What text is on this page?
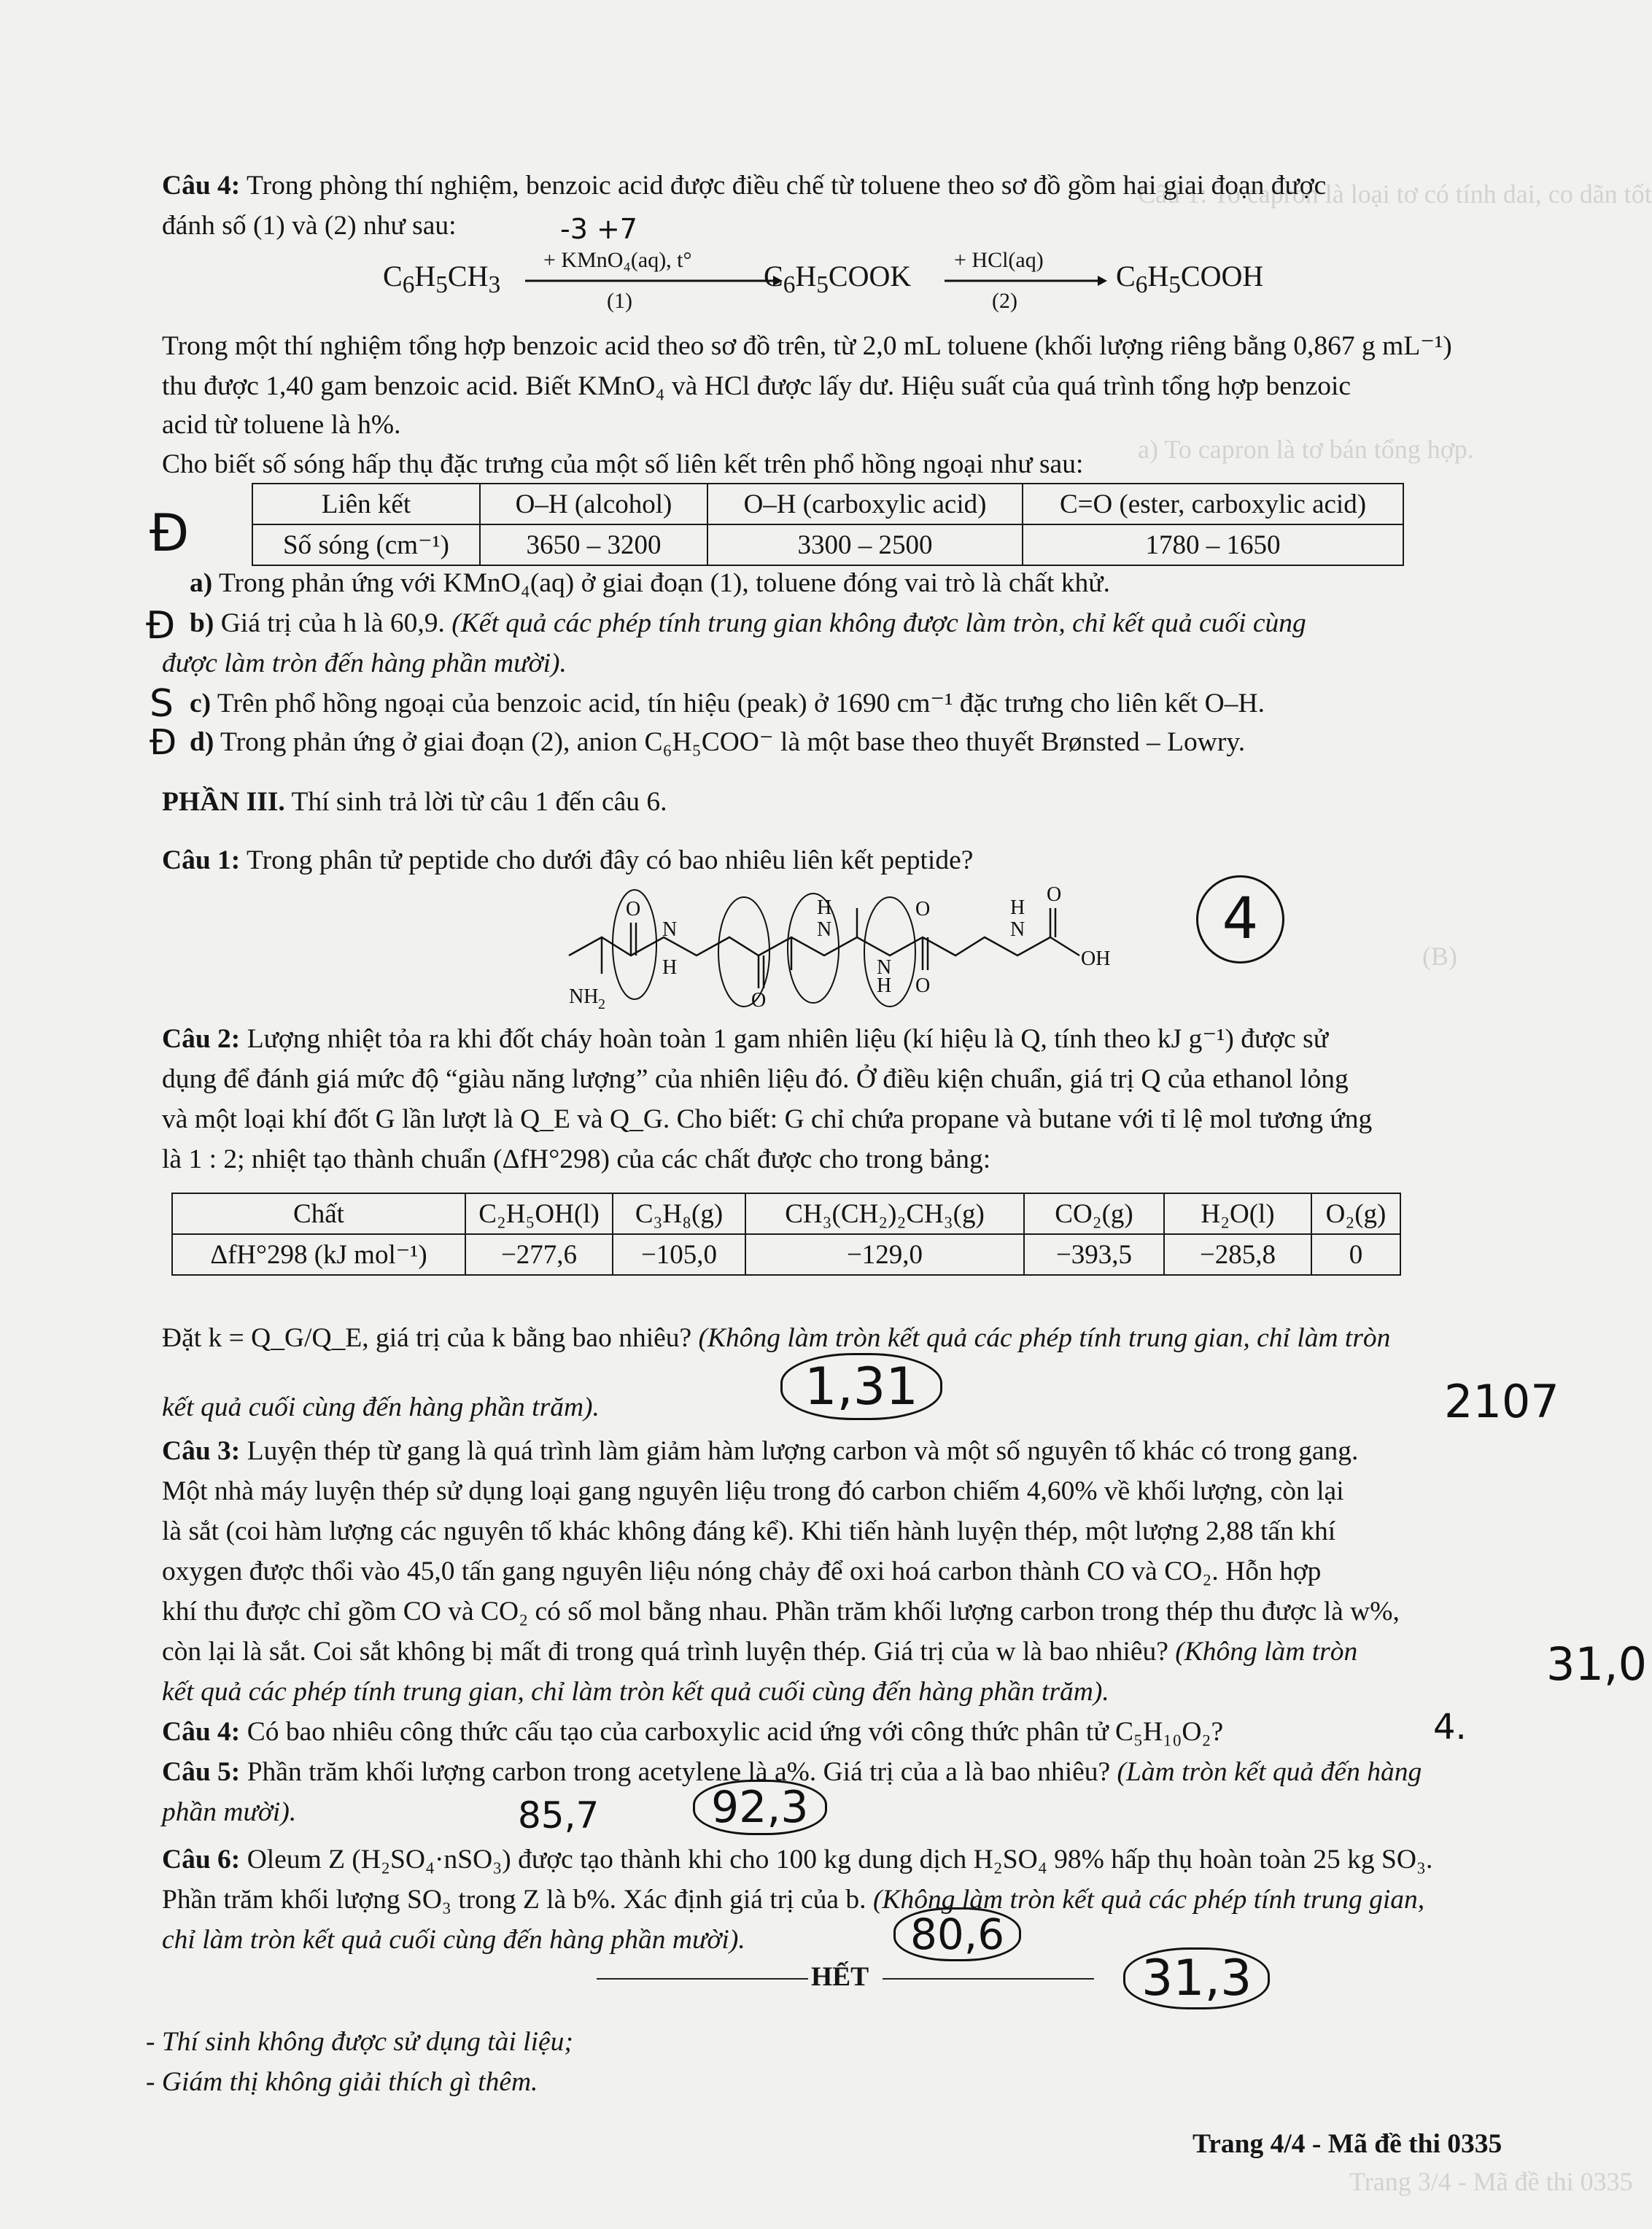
Câu 1: To capron là loại tơ có tính dai, co dãn tốt
a) To capron là tơ bán tổng hợp.
(B)
Trang 3/4 - Mã đề thi 0335
Câu 4: Trong phòng thí nghiệm, benzoic acid được điều chế từ toluene theo sơ đồ gồm hai giai đoạn được
đánh số (1) và (2) như sau:
$C_6H_5CH_3$
+ KMnO₄(aq), t°
(1)
$C_6H_5COOK + HCl(aq)$
(2)
$C_6H_5COOH$
Trong một thí nghiệm tổng hợp benzoic acid theo sơ đồ trên, từ 2,0 mL toluene (khối lượng riêng bằng 0,867 g mL⁻¹)
thu được 1,40 gam benzoic acid. Biết KMnO₄ và HCl được lấy dư. Hiệu suất của quá trình tổng hợp benzoic
acid từ toluene là h%.
Cho biết số sóng hấp thụ đặc trưng của một số liên kết trên phổ hồng ngoại như sau:
Liên kết	O–H (alcohol)	O–H (carboxylic acid)	C=O (ester, carboxylic acid)
Số sóng (cm⁻¹)	3650 – 3200	3300 – 2500	1780 – 1650
a) Trong phản ứng với KMnO₄(aq) ở giai đoạn (1), toluene đóng vai trò là chất khử.
b) Giá trị của h là 60,9. (Kết quả các phép tính trung gian không được làm tròn, chỉ kết quả cuối cùng
được làm tròn đến hàng phần mười).
c) Trên phổ hồng ngoại của benzoic acid, tín hiệu (peak) ở 1690 cm⁻¹ đặc trưng cho liên kết O–H.
d) Trong phản ứng ở giai đoạn (2), anion C₆H₅COO⁻ là một base theo thuyết Brønsted – Lowry.
-3 +7
Đ
Đ
S
Đ
PHẦN III. Thí sinh trả lời từ câu 1 đến câu 6.
Câu 1: Trong phân tử peptide cho dưới đây có bao nhiêu liên kết peptide?
O
N
H
O
H
N
O
N
H O
H
N
O
OH
NH 2
4
Câu 2: Lượng nhiệt tỏa ra khi đốt cháy hoàn toàn 1 gam nhiên liệu (kí hiệu là Q, tính theo kJ g⁻¹) được sử
dụng để đánh giá mức độ “giàu năng lượng” của nhiên liệu đó. Ở điều kiện chuẩn, giá trị Q của ethanol lỏng
và một loại khí đốt G lần lượt là Q_E và Q_G. Cho biết: G chỉ chứa propane và butane với tỉ lệ mol tương ứng
là 1 : 2; nhiệt tạo thành chuẩn (ΔfH°298) của các chất được cho trong bảng:
Chất	C₂H₅OH(l)	C₃H₈(g)	CH₃(CH₂)₂CH₃(g)	CO₂(g)	H₂O(l)	O₂(g)
ΔfH°298 (kJ mol⁻¹)	−277,6	−105,0	−129,0	−393,5	−285,8	0
Đặt k = Q_G/Q_E, giá trị của k bằng bao nhiêu? (Không làm tròn kết quả các phép tính trung gian, chỉ làm tròn
kết quả cuối cùng đến hàng phần trăm).	1,31	2107
Câu 3: Luyện thép từ gang là quá trình làm giảm hàm lượng carbon và một số nguyên tố khác có trong gang.
Một nhà máy luyện thép sử dụng loại gang nguyên liệu trong đó carbon chiếm 4,60% về khối lượng, còn lại
là sắt (coi hàm lượng các nguyên tố khác không đáng kể). Khi tiến hành luyện thép, một lượng 2,88 tấn khí
oxygen được thổi vào 45,0 tấn gang nguyên liệu nóng chảy để oxi hoá carbon thành CO và CO₂. Hỗn hợp
khí thu được chỉ gồm CO và CO₂ có số mol bằng nhau. Phần trăm khối lượng carbon trong thép thu được là w%,
còn lại là sắt. Coi sắt không bị mất đi trong quá trình luyện thép. Giá trị của w là bao nhiêu? (Không làm tròn
kết quả các phép tính trung gian, chỉ làm tròn kết quả cuối cùng đến hàng phần trăm).
31,0
Câu 4: Có bao nhiêu công thức cấu tạo của carboxylic acid ứng với công thức phân tử C₅H₁₀O₂?	4.
Câu 5: Phần trăm khối lượng carbon trong acetylene là a%. Giá trị của a là bao nhiêu? (Làm tròn kết quả đến hàng
phần mười).	85,7	92,3
Câu 6: Oleum Z (H₂SO₄·nSO₃) được tạo thành khi cho 100 kg dung dịch H₂SO₄ 98% hấp thụ hoàn toàn 25 kg SO₃.
Phần trăm khối lượng SO₃ trong Z là b%. Xác định giá trị của b. (Không làm tròn kết quả các phép tính trung gian,
chỉ làm tròn kết quả cuối cùng đến hàng phần mười).	80,6
31,3
HẾT
- Thí sinh không được sử dụng tài liệu;
- Giám thị không giải thích gì thêm.
Trang 4/4 - Mã đề thi 0335
